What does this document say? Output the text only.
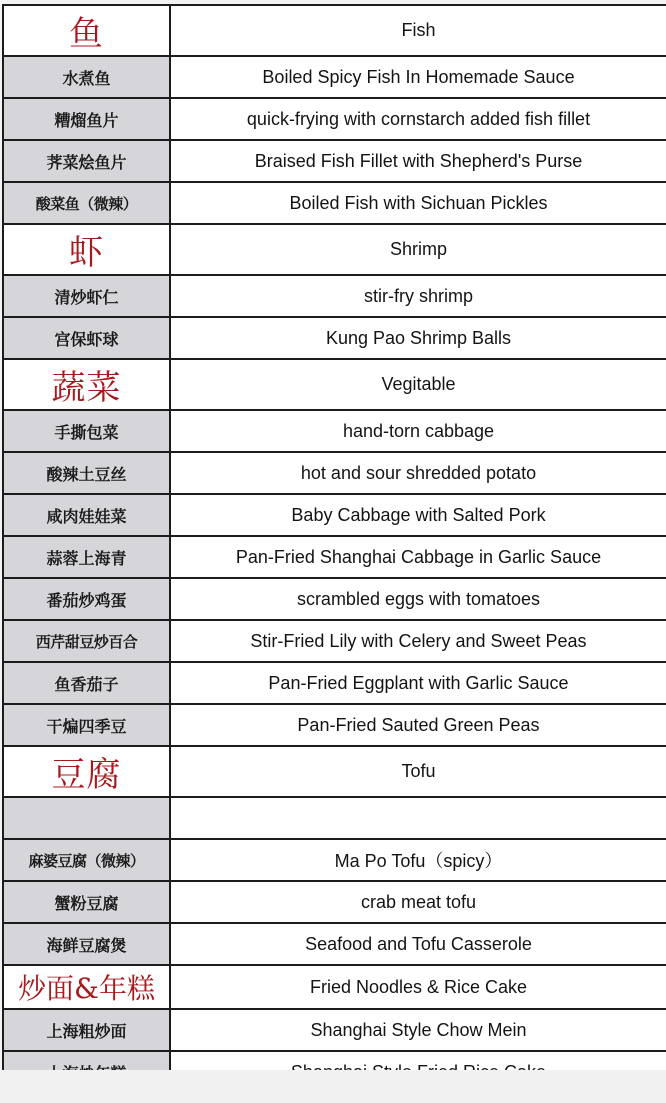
鱼	Fish
水煮鱼	Boiled Spicy Fish In Homemade Sauce
糟熘鱼片	quick-frying with cornstarch added fish fillet
荠菜烩鱼片	Braised Fish Fillet with Shepherd's Purse
酸菜鱼（微辣）	Boiled Fish with Sichuan Pickles
虾	Shrimp
清炒虾仁	stir-fry shrimp
宫保虾球	Kung Pao Shrimp Balls
蔬菜	Vegitable
手撕包菜	hand-torn cabbage
酸辣土豆丝	hot and sour shredded potato
咸肉娃娃菜	Baby Cabbage with Salted Pork
蒜蓉上海青	Pan-Fried Shanghai Cabbage in Garlic Sauce
番茄炒鸡蛋	scrambled eggs with tomatoes
西芹甜豆炒百合	Stir-Fried Lily with Celery and Sweet Peas
鱼香茄子	Pan-Fried Eggplant with Garlic Sauce
干煸四季豆	Pan-Fried Sauted Green Peas
豆腐	Tofu

麻婆豆腐（微辣）	Ma Po Tofu（spicy）
蟹粉豆腐	crab meat tofu
海鲜豆腐煲	Seafood and Tofu Casserole
炒面&年糕	Fried Noodles & Rice Cake
上海粗炒面	Shanghai Style Chow Mein
